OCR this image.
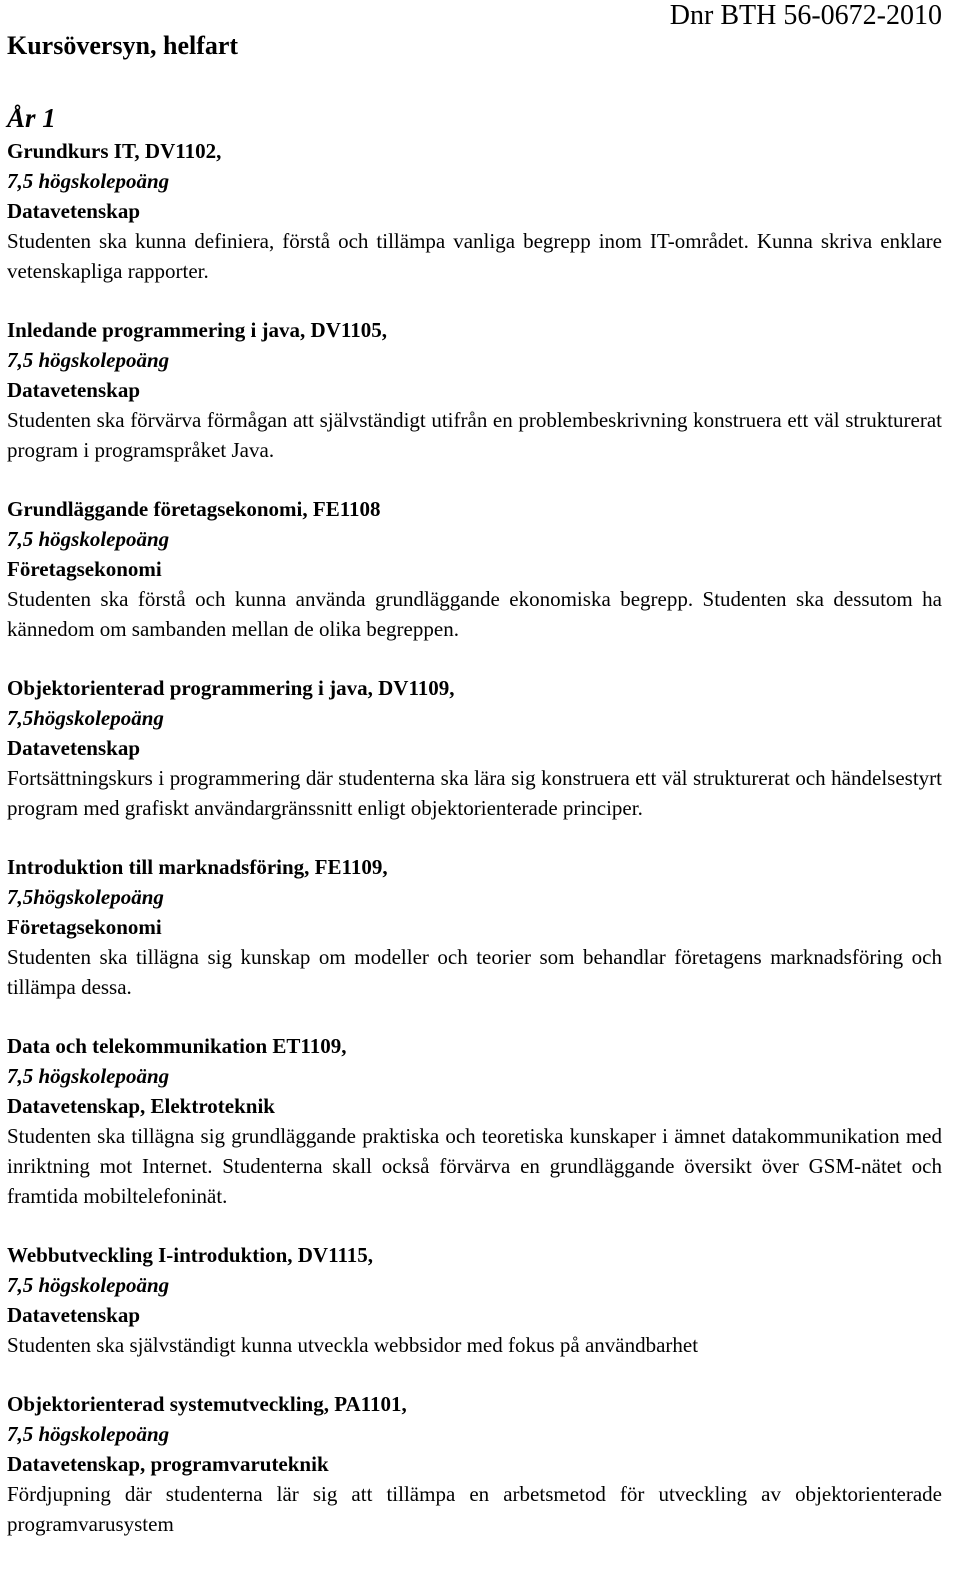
Kursöversyn, helfart
Dnr BTH 56-0672-2010
År 1
Grundkurs IT, DV1102,
7,5 högskolepoäng
Datavetenskap
Studenten ska kunna definiera, förstå och tillämpa vanliga begrepp inom IT-området. Kunna skriva enklare vetenskapliga rapporter.
Inledande programmering i java, DV1105,
7,5 högskolepoäng
Datavetenskap
Studenten ska förvärva förmågan att självständigt utifrån en problembeskrivning konstruera ett väl strukturerat program i programspråket Java.
Grundläggande företagsekonomi, FE1108
7,5 högskolepoäng
Företagsekonomi
Studenten ska förstå och kunna använda grundläggande ekonomiska begrepp. Studenten ska dessutom ha kännedom om sambanden mellan de olika begreppen.
Objektorienterad programmering i java, DV1109,
7,5högskolepoäng
Datavetenskap
Fortsättningskurs i programmering där studenterna ska lära sig konstruera ett väl strukturerat och händelsestyrt program med grafiskt användargränssnitt enligt objektorienterade principer.
Introduktion till marknadsföring, FE1109,
7,5högskolepoäng
Företagsekonomi
Studenten ska tillägna sig kunskap om modeller och teorier som behandlar företagens marknadsföring och tillämpa dessa.
Data och telekommunikation ET1109,
7,5 högskolepoäng
Datavetenskap, Elektroteknik
Studenten ska tillägna sig grundläggande praktiska och teoretiska kunskaper i ämnet datakommunikation med inriktning mot Internet. Studenterna skall också förvärva en grundläggande översikt över GSM-nätet och framtida mobiltelefoninät.
Webbutveckling I-introduktion, DV1115,
7,5 högskolepoäng
Datavetenskap
Studenten ska självständigt kunna utveckla webbsidor med fokus på användbarhet
Objektorienterad systemutveckling, PA1101,
7,5 högskolepoäng
Datavetenskap, programvaruteknik
Fördjupning där studenterna lär sig att tillämpa en arbetsmetod för utveckling av objektorienterade programvarusystem
